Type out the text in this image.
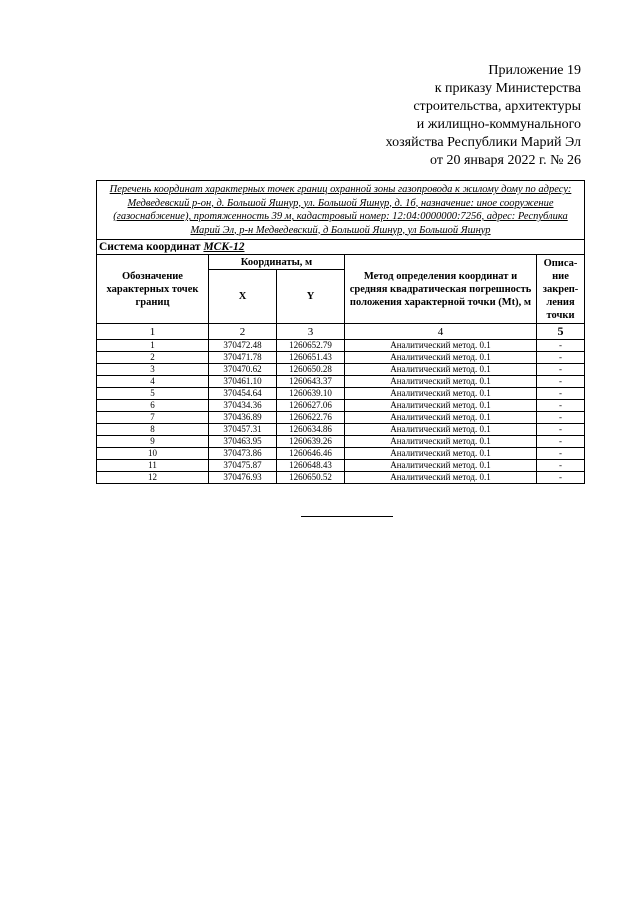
Приложение 19
к приказу Министерства
строительства, архитектуры
и жилищно-коммунального
хозяйства Республики Марий Эл
от 20 января 2022 г. № 26
Перечень координат характерных точек границ охранной зоны газопровода к жилому дому по адресу: Медведевский р-он, д. Большой Яшнур, ул. Большой Яшнур, д. 1б, назначение: иное сооружение (газоснабжение), протяженность 39 м, кадастровый номер: 12:04:0000000:7256, адрес: Республика Марий Эл, р-н Медведевский, д Большой Яшнур, ул Большой Яшнур				
Система координат МСК-12				
Обозначение характерных точек границ	Координаты, м		Метод определения координат и средняя квадратическая погрешность положения характерной точки (Mt), м	Описа-ние закреп-ления точки
	X	Y		
1	2	3	4	5
1	370472.48	1260652.79	Аналитический метод. 0.1	-
2	370471.78	1260651.43	Аналитический метод. 0.1	-
3	370470.62	1260650.28	Аналитический метод. 0.1	-
4	370461.10	1260643.37	Аналитический метод. 0.1	-
5	370454.64	1260639.10	Аналитический метод. 0.1	-
6	370434.36	1260627.06	Аналитический метод. 0.1	-
7	370436.89	1260622.76	Аналитический метод. 0.1	-
8	370457.31	1260634.86	Аналитический метод. 0.1	-
9	370463.95	1260639.26	Аналитический метод. 0.1	-
10	370473.86	1260646.46	Аналитический метод. 0.1	-
11	370475.87	1260648.43	Аналитический метод. 0.1	-
12	370476.93	1260650.52	Аналитический метод. 0.1	-
